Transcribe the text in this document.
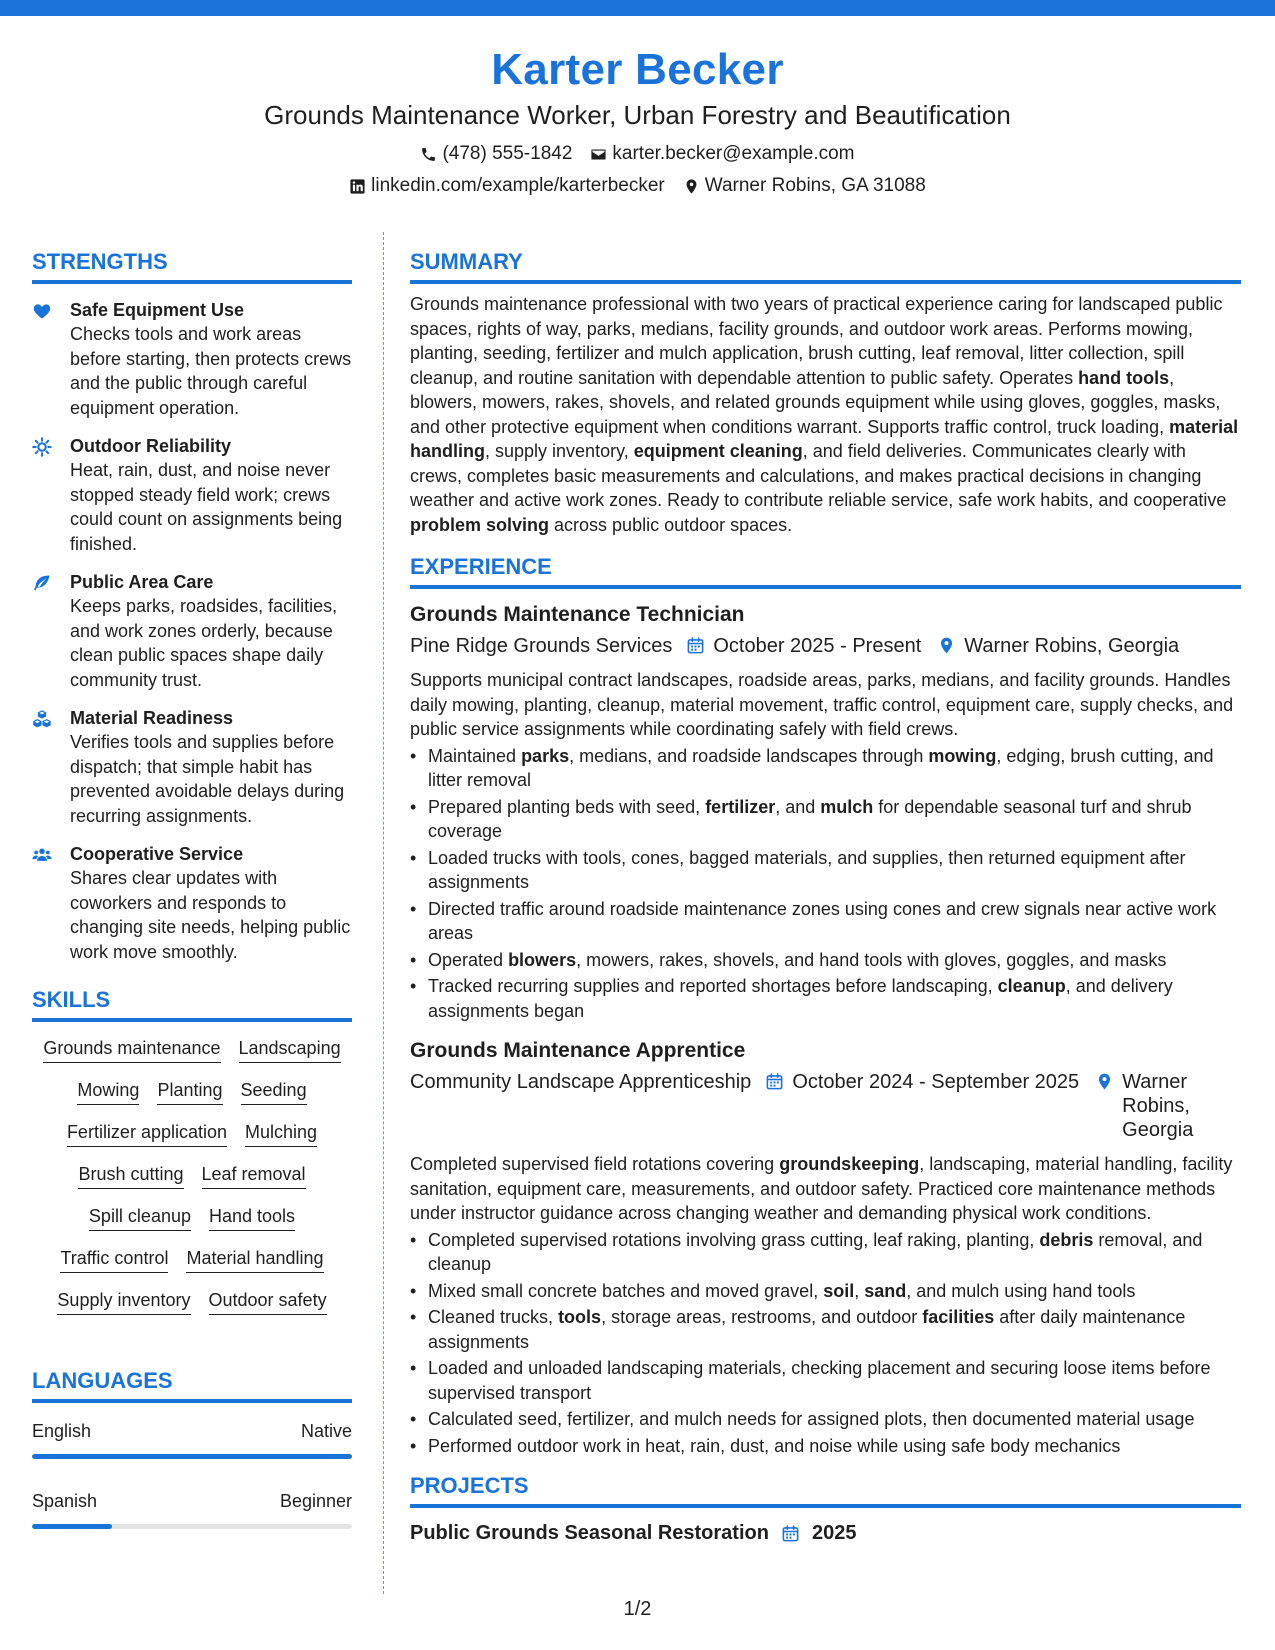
Karter Becker
Grounds Maintenance Worker, Urban Forestry and Beautification
(478) 555-1842 karter.becker@example.com
linkedin.com/example/karterbecker Warner Robins, GA 31088
STRENGTHS
Safe Equipment Use
Checks tools and work areas before starting, then protects crews and the public through careful equipment operation.
Outdoor Reliability
Heat, rain, dust, and noise never stopped steady field work; crews could count on assignments being finished.
Public Area Care
Keeps parks, roadsides, facilities, and work zones orderly, because clean public spaces shape daily community trust.
Material Readiness
Verifies tools and supplies before dispatch; that simple habit has prevented avoidable delays during recurring assignments.
Cooperative Service
Shares clear updates with coworkers and responds to changing site needs, helping public work move smoothly.
SKILLS
Grounds maintenance Landscaping
Mowing Planting Seeding
Fertilizer application Mulching
Brush cutting Leaf removal
Spill cleanup Hand tools
Traffic control Material handling
Supply inventory Outdoor safety
LANGUAGES
English	Native
Spanish	Beginner
SUMMARY
Grounds maintenance professional with two years of practical experience caring for landscaped public spaces, rights of way, parks, medians, facility grounds, and outdoor work areas. Performs mowing, planting, seeding, fertilizer and mulch application, brush cutting, leaf removal, litter collection, spill cleanup, and routine sanitation with dependable attention to public safety. Operates hand tools, blowers, mowers, rakes, shovels, and related grounds equipment while using gloves, goggles, masks, and other protective equipment when conditions warrant. Supports traffic control, truck loading, material handling, supply inventory, equipment cleaning, and field deliveries. Communicates clearly with crews, completes basic measurements and calculations, and makes practical decisions in changing weather and active work zones. Ready to contribute reliable service, safe work habits, and cooperative problem solving across public outdoor spaces.
EXPERIENCE
Grounds Maintenance Technician
Pine Ridge Grounds Services October 2025 - Present Warner Robins, Georgia
Supports municipal contract landscapes, roadside areas, parks, medians, and facility grounds. Handles daily mowing, planting, cleanup, material movement, traffic control, equipment care, supply checks, and public service assignments while coordinating safely with field crews.
• Maintained parks, medians, and roadside landscapes through mowing, edging, brush cutting, and litter removal
• Prepared planting beds with seed, fertilizer, and mulch for dependable seasonal turf and shrub coverage
• Loaded trucks with tools, cones, bagged materials, and supplies, then returned equipment after assignments
• Directed traffic around roadside maintenance zones using cones and crew signals near active work areas
• Operated blowers, mowers, rakes, shovels, and hand tools with gloves, goggles, and masks
• Tracked recurring supplies and reported shortages before landscaping, cleanup, and delivery assignments began
Grounds Maintenance Apprentice
Community Landscape Apprenticeship October 2024 - September 2025 Warner Robins, Georgia
Completed supervised field rotations covering groundskeeping, landscaping, material handling, facility sanitation, equipment care, measurements, and outdoor safety. Practiced core maintenance methods under instructor guidance across changing weather and demanding physical work conditions.
• Completed supervised rotations involving grass cutting, leaf raking, planting, debris removal, and cleanup
• Mixed small concrete batches and moved gravel, soil, sand, and mulch using hand tools
• Cleaned trucks, tools, storage areas, restrooms, and outdoor facilities after daily maintenance assignments
• Loaded and unloaded landscaping materials, checking placement and securing loose items before supervised transport
• Calculated seed, fertilizer, and mulch needs for assigned plots, then documented material usage
• Performed outdoor work in heat, rain, dust, and noise while using safe body mechanics
PROJECTS
Public Grounds Seasonal Restoration 2025
1/2
